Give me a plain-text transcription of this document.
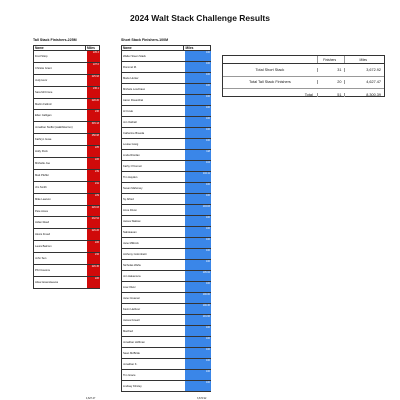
2024 Walt Stack Challenge Results
Tall Stack Finishers-225M	Short Stack Finishers-100M
Name	Miles
Fred Sttop
225.3
Christie Grant
227.0
Judy Henr
225.93
Sara McCrone
236.1
Martin Fellrod
228.20
Ellen Calligan
236
Jonathan Stoffel (walk/bike/run)
345.13
Kathryn Guse
258.68
Holly Peck
225
Michelle Joe
226
Matt Pfeffer
239
Jim Smith
241
Mike Lawson
229
Pete Ames
226.03
Aidan Reed
232.54
Alexis Freed
226.26
Laura Balcom
226
John Sen
232
Phil Cousins
226.45
Ailsa Greensleeves
226
Name	Miles
Walter Steen Stack
100
Rommel M.
100
Marie Hunter
100
Michele Loschiavo
100
Aaron Rosenthal
100
Al Covle
100
Jon Oathall
100
Catherine Breeda
100
Louise Greig
100
Linda Riordan
118
Kathy O'Connor
104
Tim Hayden
104.11
Susan Mahoney
100
Sy Alfred
100
Anne Dixon
103.83
James Slattow
100
Nabokavan
100
Jane Millrock
100
Anthony Colombetti
100
Nicholas Wahu
100
Jon Hakamura
105.02
Lisa Oliver
100
Jane Creamer
100.00
Kevin Harbour
100.36
James Fowell
101.66
Manfred
100
Jonathan Hoffman
100
Sean McBride
100
Jonathan K.
100
Tim Grace
100
Lindsay Klimley
100
4,627.47	3,672.92
Finishers	Miles
Total Short Stack	31	3,672.92
Total Tall Stack Finishers	20	4,627.47
Total	51	8,300.39
